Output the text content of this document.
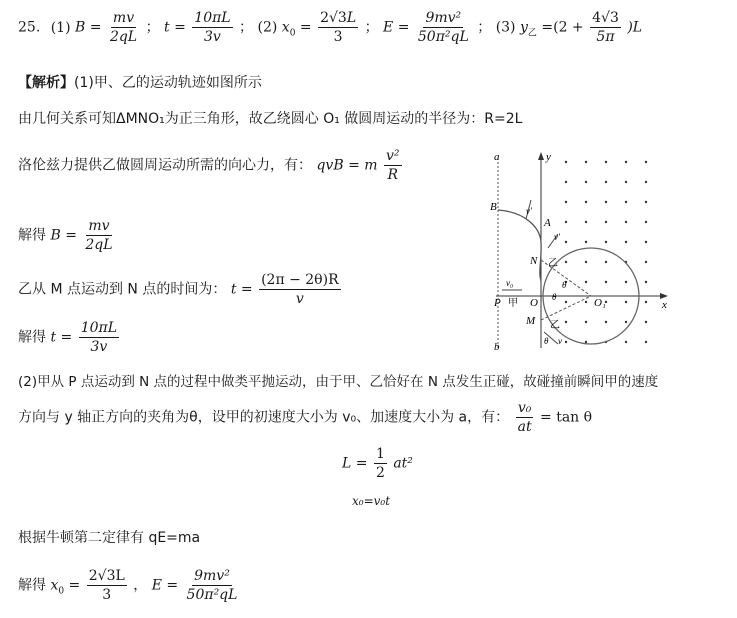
25. (1) $B = \frac{mv}{2qL}$ ； $t = \frac{10\pi L}{3v}$ ； (2) $x_0 = \frac{2√3L}{3}$ ； $E = \frac{\text{9mv²}}{\text{50π²qL}}$ ； (3) $y_乙 =(2 + \frac{4√3}{5\pi} )L$
【解析】(1)甲、乙的运动轨迹如图所示
由几何关系可知ΔMNO₁为正三角形，故乙绕圆心 O₁ 做圆周运动的半径为：R=2L
洛伦兹力提供乙做圆周运动所需的向心力，有： qvB = m $\frac{\text{v²}}{R}$
解得 $B = \frac{mv}{2qL}$
乙从 M 点运动到 N 点的时间为： $t = \frac{(2\pi - 2\theta)R}{v}$
解得 $t = \frac{10\pi L}{3v}$
(2)甲从 P 点运动到 N 点的过程中做类平抛运动，由于甲、乙恰好在 N 点发生正碰，故碰撞前瞬间甲的速度
方向与 y 轴正方向的夹角为θ，设甲的初速度大小为 v₀、加速度大小为 a，有： $\frac{\text{v₀}}{at} = \tan \theta$
$L = \frac{1}{2} at^2$
x₀=v₀t
根据牛顿第二定律有 qE=ma
解得 $x_0 = \frac{2√3L}{3}$ ， $E = \frac{\text{9mv²}}{\text{50π²qL}}$
a
b
y
x
B
A
N
M
P 甲 O	O₁
乙
乙
v₀
v′
v′
v
θ
θ
θ
